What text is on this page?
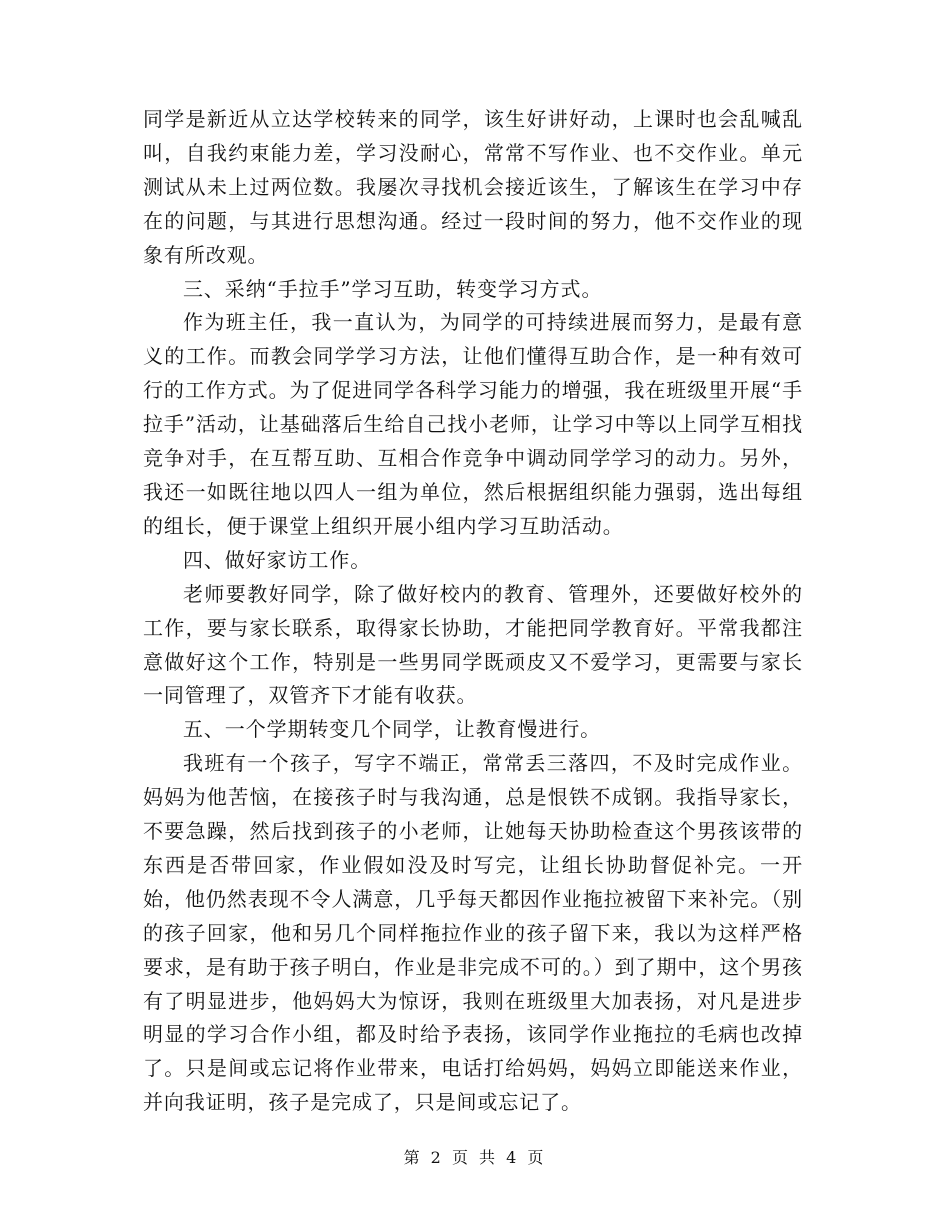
同学是新近从立达学校转来的同学，该生好讲好动，上课时也会乱喊乱叫，自我约束能力差，学习没耐心，常常不写作业、也不交作业。单元测试从未上过两位数。我屡次寻找机会接近该生，了解该生在学习中存在的问题，与其进行思想沟通。经过一段时间的努力，他不交作业的现象有所改观。

三、采纳“手拉手”学习互助，转变学习方式。

作为班主任，我一直认为，为同学的可持续进展而努力，是最有意义的工作。而教会同学学习方法，让他们懂得互助合作，是一种有效可行的工作方式。为了促进同学各科学习能力的增强，我在班级里开展“手拉手”活动，让基础落后生给自己找小老师，让学习中等以上同学互相找竞争对手，在互帮互助、互相合作竞争中调动同学学习的动力。另外，我还一如既往地以四人一组为单位，然后根据组织能力强弱，选出每组的组长，便于课堂上组织开展小组内学习互助活动。

四、做好家访工作。

老师要教好同学，除了做好校内的教育、管理外，还要做好校外的工作，要与家长联系，取得家长协助，才能把同学教育好。平常我都注意做好这个工作，特别是一些男同学既顽皮又不爱学习，更需要与家长一同管理了，双管齐下才能有收获。

五、一个学期转变几个同学，让教育慢进行。

我班有一个孩子，写字不端正，常常丢三落四，不及时完成作业。妈妈为他苦恼，在接孩子时与我沟通，总是恨铁不成钢。我指导家长，不要急躁，然后找到孩子的小老师，让她每天协助检查这个男孩该带的东西是否带回家，作业假如没及时写完，让组长协助督促补完。一开始，他仍然表现不令人满意，几乎每天都因作业拖拉被留下来补完。（别的孩子回家，他和另几个同样拖拉作业的孩子留下来，我以为这样严格要求，是有助于孩子明白，作业是非完成不可的。）到了期中，这个男孩有了明显进步，他妈妈大为惊讶，我则在班级里大加表扬，对凡是进步明显的学习合作小组，都及时给予表扬，该同学作业拖拉的毛病也改掉了。只是间或忘记将作业带来，电话打给妈妈，妈妈立即能送来作业，并向我证明，孩子是完成了，只是间或忘记了。

第 2 页 共 4 页
